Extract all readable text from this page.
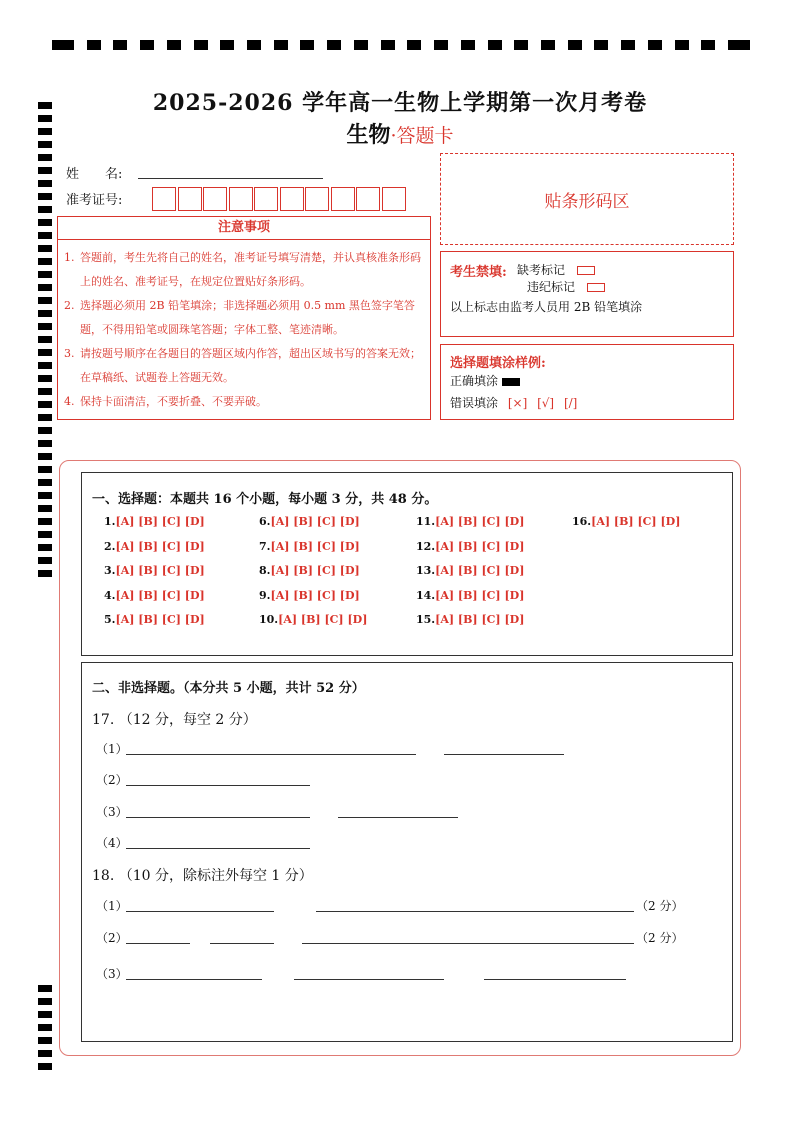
2025-2026 学年高一生物上学期第一次月考卷
生物·答题卡
姓　　名:
准考证号:	贴条形码区
注意事项
1. 答题前，考生先将自己的姓名，准考证号填写清楚，并认真核准条形码上的姓名、准考证号，在规定位置贴好条形码。
2. 选择题必须用 2B 铅笔填涂；非选择题必须用 0.5 mm 黑色签字笔答题，不得用铅笔或圆珠笔答题；字体工整、笔迹清晰。
3. 请按题号顺序在各题目的答题区域内作答，超出区域书写的答案无效；在草稿纸、试题卷上答题无效。
4. 保持卡面清洁，不要折叠、不要弄破。
考生禁填: 缺考标记
违纪标记
以上标志由监考人员用 2B 铅笔填涂
选择题填涂样例:
正确填涂
错误填涂 [×] [√] [/]
一、选择题：本题共 16 个小题，每小题 3 分，共 48 分。
1.[A] [B] [C] [D]
2.[A] [B] [C] [D]
3.[A] [B] [C] [D]
4.[A] [B] [C] [D]
5.[A] [B] [C] [D]
6.[A] [B] [C] [D]
7.[A] [B] [C] [D]
8.[A] [B] [C] [D]
9.[A] [B] [C] [D]
10.[A] [B] [C] [D]
11.[A] [B] [C] [D]
12.[A] [B] [C] [D]
13.[A] [B] [C] [D]
14.[A] [B] [C] [D]
15.[A] [B] [C] [D]
16.[A] [B] [C] [D]
二、非选择题。（本分共 5 小题，共计 52 分）
17. （12 分，每空 2 分）
（1）
（2）
（3）
（4）
18. （10 分，除标注外每空 1 分）
（1）	（2 分）
（2）	（2 分）
（3）
